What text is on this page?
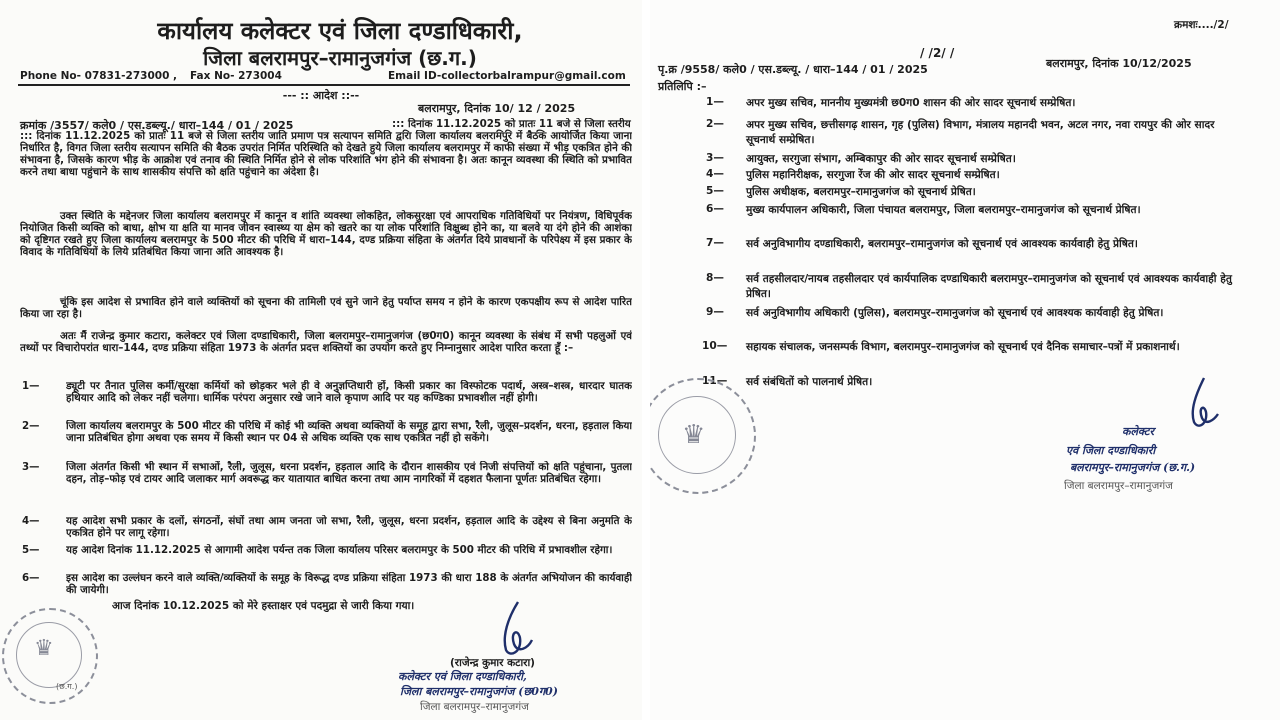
कार्यालय कलेक्टर एवं जिला दण्डाधिकारी,
जिला बलरामपुर–रामानुजगंज (छ.ग.)
Phone No- 07831-273000 , Fax No- 273004	Email ID-collectorbalrampur@gmail.com
--- :: आदेश ::--
बलरामपुर, दिनांक 10/ 12 / 2025
क्रमांक /3557/ कले0 / एस.डब्ल्यू./ धारा–144 / 01 / 2025	::: दिनांक 11.12.2025 को प्रातः 11 बजे से जिला स्तरीय
::: दिनांक 11.12.2025 को प्रातः 11 बजे से जिला स्तरीय जाति प्रमाण पत्र सत्यापन समिति द्वारा जिला कार्यालय बलरामपुर में बैठक आयोजित किया जाना निर्धारित है, विगत जिला स्तरीय सत्यापन समिति की बैठक उपरांत निर्मित परिस्थिति को देखते हुये जिला कार्यालय बलरामपुर में काफी संख्या में भीड़ एकत्रित होने की संभावना है, जिसके कारण भीड़ के आक्रोश एवं तनाव की स्थिति निर्मित होने से लोक परिशांति भंग होने की संभावना है। अतः कानून व्यवस्था की स्थिति को प्रभावित करने तथा बाधा पहुंचाने के साथ शासकीय संपत्ति को क्षति पहुंचाने का अंदेशा है।
उक्त स्थिति के मद्देनजर जिला कार्यालय बलरामपुर में कानून व शांति व्यवस्था लोकहित, लोकसुरक्षा एवं आपराधिक गतिविधियों पर नियंत्रण, विधिपूर्वक नियोजित किसी व्यक्ति को बाधा, क्षोभ या क्षति या मानव जीवन स्वास्थ्य या क्षेम को खतरे का या लोक परिशांति विक्षुब्ध होने का, या बलवे या दंगे होने की आशंका को दृष्टिगत रखते हुए जिला कार्यालय बलरामपुर के 500 मीटर की परिधि में धारा–144, दण्ड प्रक्रिया संहिता के अंतर्गत दिये प्रावधानों के परिपेक्ष्य में इस प्रकार के विवाद के गतिविधियों के लिये प्रतिबंधित किया जाना अति आवश्यक है।
चूंकि इस आदेश से प्रभावित होने वाले व्यक्तियों को सूचना की तामिली एवं सुने जाने हेतु पर्याप्त समय न होने के कारण एकपक्षीय रूप से आदेश पारित किया जा रहा है।
अतः मैं राजेन्द्र कुमार कटारा, कलेक्टर एवं जिला दण्डाधिकारी, जिला बलरामपुर–रामानुजगंज (छ0ग0) कानून व्यवस्था के संबंध में सभी पहलुओं एवं तथ्यों पर विचारोपरांत धारा–144, दण्ड प्रक्रिया संहिता 1973 के अंतर्गत प्रदत्त शक्तियों का उपयोग करते हुए निम्नानुसार आदेश पारित करता हूँ :–
1—	ड्यूटी पर तैनात पुलिस कर्मी/सुरक्षा कर्मियों को छोड़कर भले ही वे अनुज्ञप्तिधारी हों, किसी प्रकार का विस्फोटक पदार्थ, अस्त्र–शस्त्र, धारदार घातक हथियार आदि को लेकर नहीं चलेगा। धार्मिक परंपरा अनुसार रखे जाने वाले कृपाण आदि पर यह कण्डिका प्रभावशील नहीं होगी।
2—	जिला कार्यालय बलरामपुर के 500 मीटर की परिधि में कोई भी व्यक्ति अथवा व्यक्तियों के समूह द्वारा सभा, रैली, जुलूस–प्रदर्शन, धरना, हड़ताल किया जाना प्रतिबंधित होगा अथवा एक समय में किसी स्थान पर 04 से अधिक व्यक्ति एक साथ एकत्रित नहीं हो सकेंगे।
3—	जिला अंतर्गत किसी भी स्थान में सभाओं, रैली, जुलूस, धरना प्रदर्शन, हड़ताल आदि के दौरान शासकीय एवं निजी संपत्तियों को क्षति पहुंचाना, पुतला दहन, तोड़–फोड़ एवं टायर आदि जलाकर मार्ग अवरूद्ध कर यातायात बाधित करना तथा आम नागरिकों में दहशत फैलाना पूर्णतः प्रतिबंधित रहेगा।
4—	यह आदेश सभी प्रकार के दलों, संगठनों, संघों तथा आम जनता जो सभा, रैली, जुलूस, धरना प्रदर्शन, हड़ताल आदि के उद्देश्य से बिना अनुमति के एकत्रित होने पर लागू रहेगा।
5—	यह आदेश दिनांक 11.12.2025 से आगामी आदेश पर्यन्त तक जिला कार्यालय परिसर बलरामपुर के 500 मीटर की परिधि में प्रभावशील रहेगा।
6—	इस आदेश का उल्लंघन करने वाले व्यक्ति/व्यक्तियों के समूह के विरूद्ध दण्ड प्रक्रिया संहिता 1973 की धारा 188 के अंतर्गत अभियोजन की कार्यवाही की जायेगी।
आज दिनांक 10.12.2025 को मेरे हस्ताक्षर एवं पदमुद्रा से जारी किया गया।
(राजेन्द्र कुमार कटारा)
कलेक्टर एवं जिला दण्डाधिकारी,
जिला बलरामपुर–रामानुजगंज (छ0ग0)
जिला बलरामपुर–रामानुजगंज
♛
(छ.ग.)
क्रमशः..../2/
/ /2/ /
पृ.क्र /9558/ कले0 / एस.डब्ल्यू. / धारा–144 / 01 / 2025	बलरामपुर, दिनांक 10/12/2025
प्रतिलिपि :–
1— अपर मुख्य सचिव, माननीय मुख्यमंत्री छ0ग0 शासन की ओर सादर सूचनार्थ सम्प्रेषित।
2— अपर मुख्य सचिव, छत्तीसगढ़ शासन, गृह (पुलिस) विभाग, मंत्रालय महानदी भवन, अटल नगर, नवा रायपुर की ओर सादर सूचनार्थ सम्प्रेषित।
3— आयुक्त, सरगुजा संभाग, अम्बिकापुर की ओर सादर सूचनार्थ सम्प्रेषित।
4— पुलिस महानिरीक्षक, सरगुजा रेंज की ओर सादर सूचनार्थ सम्प्रेषित।
5— पुलिस अधीक्षक, बलरामपुर–रामानुजगंज को सूचनार्थ प्रेषित।
6— मुख्य कार्यपालन अधिकारी, जिला पंचायत बलरामपुर, जिला बलरामपुर–रामानुजगंज को सूचनार्थ प्रेषित।
7— सर्व अनुविभागीय दण्डाधिकारी, बलरामपुर–रामानुजगंज को सूचनार्थ एवं आवश्यक कार्यवाही हेतु प्रेषित।
8— सर्व तहसीलदार/नायब तहसीलदार एवं कार्यपालिक दण्डाधिकारी बलरामपुर–रामानुजगंज को सूचनार्थ एवं आवश्यक कार्यवाही हेतु प्रेषित।
9— सर्व अनुविभागीय अधिकारी (पुलिस), बलरामपुर–रामानुजगंज को सूचनार्थ एवं आवश्यक कार्यवाही हेतु प्रेषित।
10— सहायक संचालक, जनसम्पर्क विभाग, बलरामपुर–रामानुजगंज को सूचनार्थ एवं दैनिक समाचार–पत्रों में प्रकाशनार्थ।
11— सर्व संबंधितों को पालनार्थ प्रेषित।
♛	कलेक्टर
एवं जिला दण्डाधिकारी
बलरामपुर–रामानुजगंज (छ.ग.)
जिला बलरामपुर–रामानुजगंज
